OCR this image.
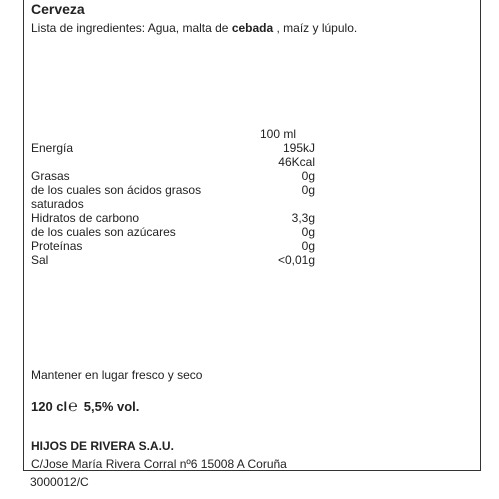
Cerveza
Lista de ingredientes: Agua, malta de cebada , maíz y lúpulo.
100 ml
Energía	195kJ
46Kcal
Grasas	0g
de los cuales son ácidos grasos	0g
saturados
Hidratos de carbono	3,3g
de los cuales son azúcares	0g
Proteínas	0g
Sal	<0,01g
Mantener en lugar fresco y seco
120 cl℮ 5,5% vol.
HIJOS DE RIVERA S.A.U.
C/Jose María Rivera Corral nº6 15008 A Coruña
3000012/C
